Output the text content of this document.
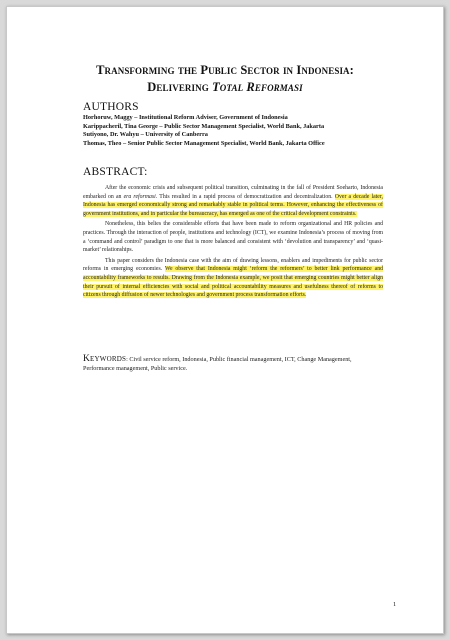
Transforming the Public Sector in Indonesia:
Delivering Total Reformasi
AUTHORS
Horhoruw, Maggy – Institutional Reform Adviser, Government of Indonesia
Karippacheril, Tina George – Public Sector Management Specialist, World Bank, Jakarta
Sutiyono, Dr. Wahyu – University of Canberra
Thomas, Theo – Senior Public Sector Management Specialist, World Bank, Jakarta Office
ABSTRACT:

After the economic crisis and subsequent political transition, culminating in the fall of President Soeharto, Indonesia embarked on an era reformasi. This resulted in a rapid process of democratization and decentralization. Over a decade later, Indonesia has emerged economically strong and remarkably stable in political terms. However, enhancing the effectiveness of government institutions, and in particular the bureaucracy, has emerged as one of the critical development constraints.

Nonetheless, this belies the considerable efforts that have been made to reform organizational and HR policies and practices. Through the interaction of people, institutions and technology (ICT), we examine Indonesia’s process of moving from a ‘command and control’ paradigm to one that is more balanced and consistent with ‘devolution and transparency’ and ‘quasi-market’ relationships.

This paper considers the Indonesia case with the aim of drawing lessons, enablers and impediments for public sector reforms in emerging economies. We observe that Indonesia might ‘reform the reformers’ to better link performance and accountability frameworks to results. Drawing from the Indonesia example, we posit that emerging countries might better align their pursuit of internal efficiencies with social and political accountability measures and usefulness thereof of reforms to citizens through diffusion of newer technologies and government process transformation efforts.

Keywords: Civil service reform, Indonesia, Public financial management, ICT, Change Management, Performance management, Public service.
1
